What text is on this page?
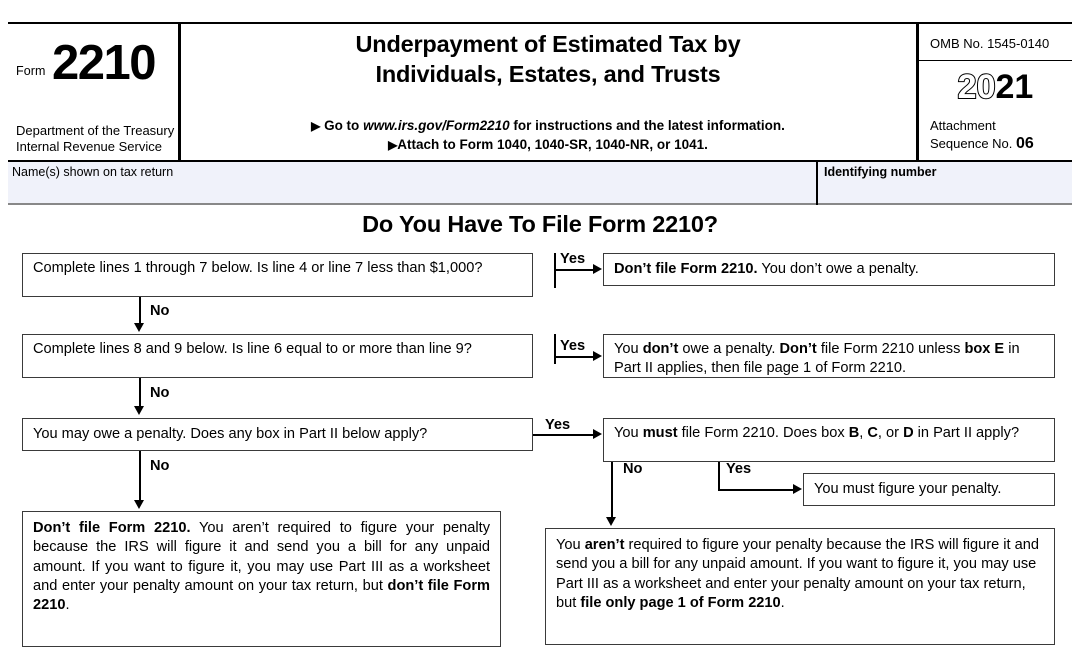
Form 2210
Department of the Treasury
Internal Revenue Service
Underpayment of Estimated Tax by
Individuals, Estates, and Trusts
▶ Go to www.irs.gov/Form2210 for instructions and the latest information.
▶Attach to Form 1040, 1040-SR, 1040-NR, or 1041.
OMB No. 1545-0140
2021
Attachment
Sequence No. 06
Name(s) shown on tax return	Identifying number
Do You Have To File Form 2210?
Complete lines 1 through 7 below. Is line 4 or line 7 less than $1,000?	Don’t file Form 2210. You don’t owe a penalty.
Complete lines 8 and 9 below. Is line 6 equal to or more than line 9?	You don’t owe a penalty. Don’t file Form 2210 unless box E in Part II applies, then file page 1 of Form 2210.
You may owe a penalty. Does any box in Part II below apply?	You must file Form 2210. Does box B, C, or D in Part II apply?
You must figure your penalty.
Don’t file Form 2210. You aren’t required to figure your penalty because the IRS will figure it and send you a bill for any unpaid amount. If you want to figure it, you may use Part III as a worksheet and enter your penalty amount on your tax return, but don’t file Form 2210.
You aren’t required to figure your penalty because the IRS will figure it and send you a bill for any unpaid amount. If you want to figure it, you may use Part III as a worksheet and enter your penalty amount on your tax return, but file only page 1 of Form 2210.
Yes
No
Yes
No
Yes
No	No	Yes
